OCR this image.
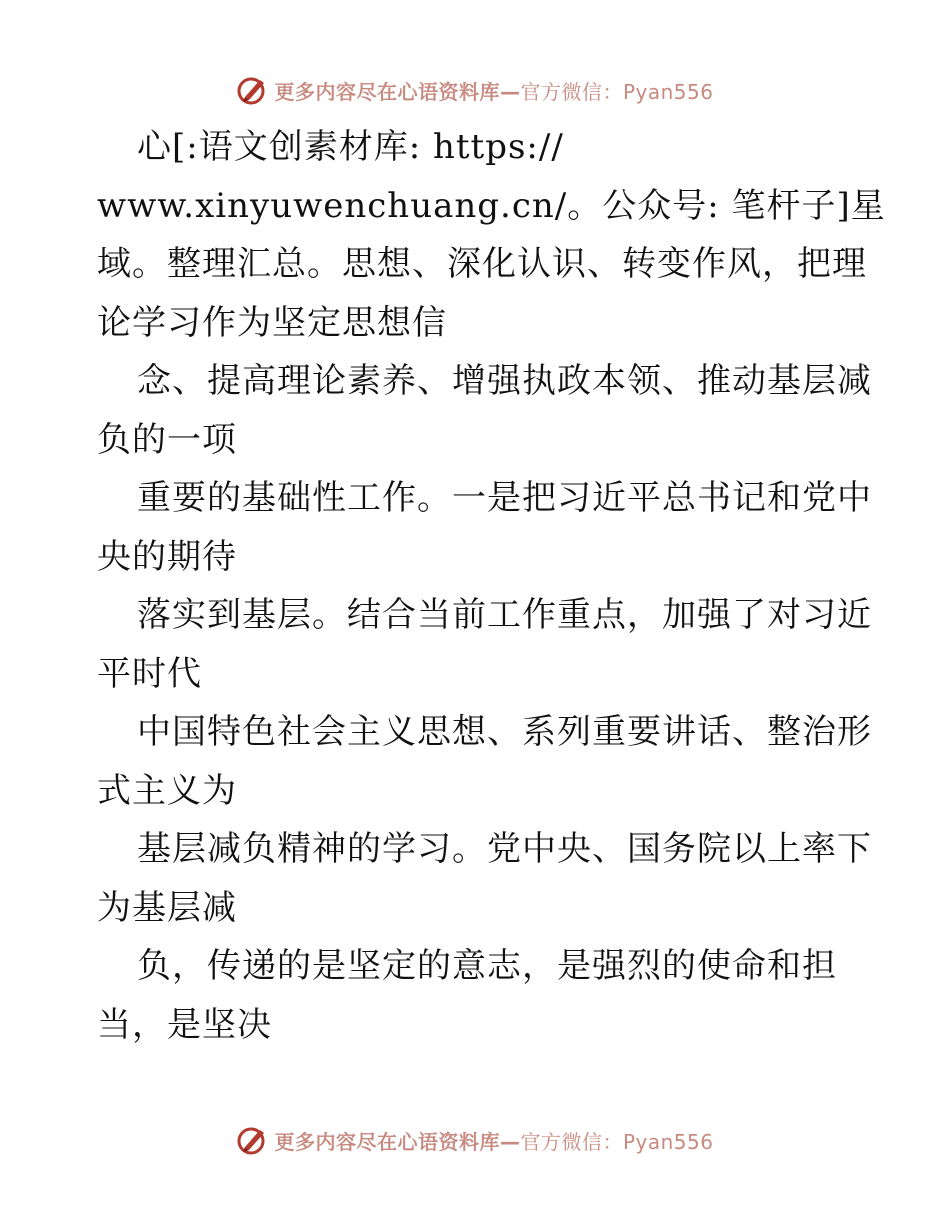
更多内容尽在心语资料库—官方微信：Pyan556
心[:语文创素材库: https://
www.xinyuwenchuang.cn/。公众号: 笔杆子]星
域。整理汇总。思想、深化认识、转变作风，把理
论学习作为坚定思想信
念、提高理论素养、增强执政本领、推动基层减
负的一项
重要的基础性工作。一是把习近平总书记和党中
央的期待
落实到基层。结合当前工作重点，加强了对习近
平时代
中国特色社会主义思想、系列重要讲话、整治形
式主义为
基层减负精神的学习。党中央、国务院以上率下
为基层减
负，传递的是坚定的意志，是强烈的使命和担
当，是坚决
更多内容尽在心语资料库—官方微信：Pyan556
